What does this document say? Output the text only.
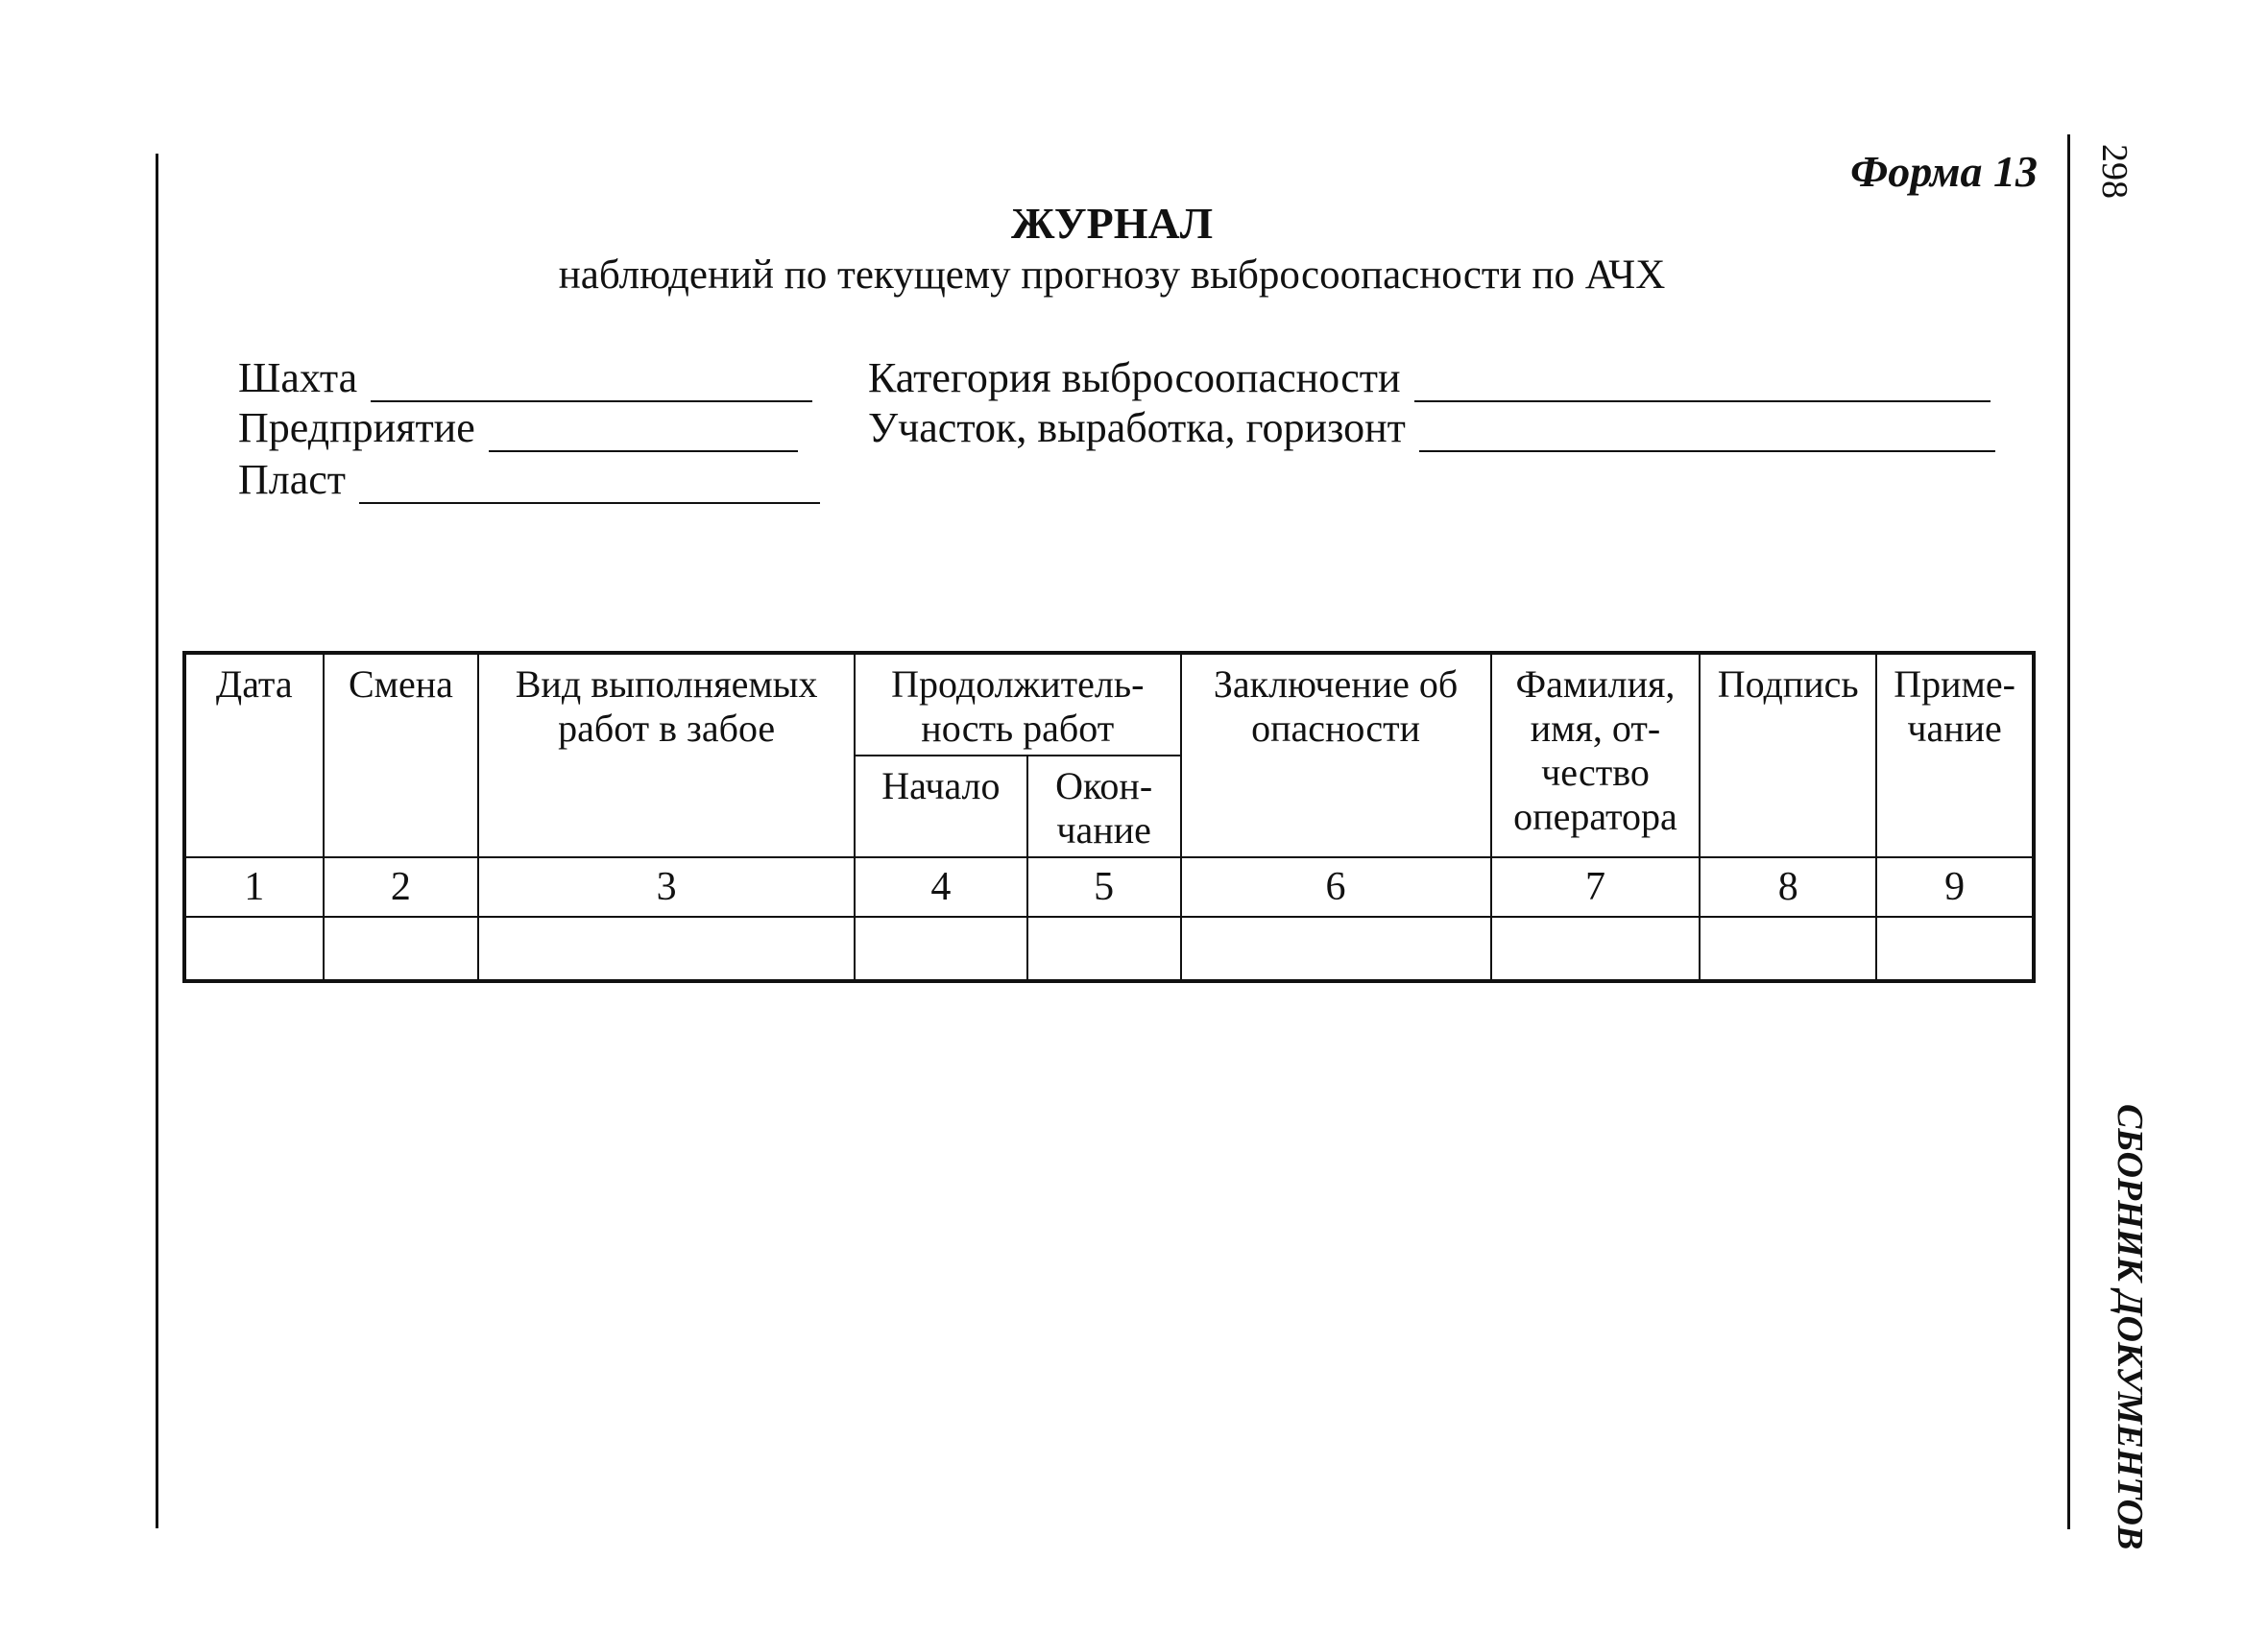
298
СБОРНИК ДОКУМЕНТОВ
Форма 13
ЖУРНАЛ
наблюдений по текущему прогнозу выбросоопасности по АЧХ
Шахта
Предприятие
Пласт
Категория выбросоопасности
Участок, выработка, горизонт
Дата	Смена	Вид выполняемых работ в забое	Продолжитель- ность работ		Заключение об опасности	Фамилия, имя, от- чество оператора	Подпись	Приме- чание
			Начало	Окон- чание				
1	2	3	4	5	6	7	8	9
